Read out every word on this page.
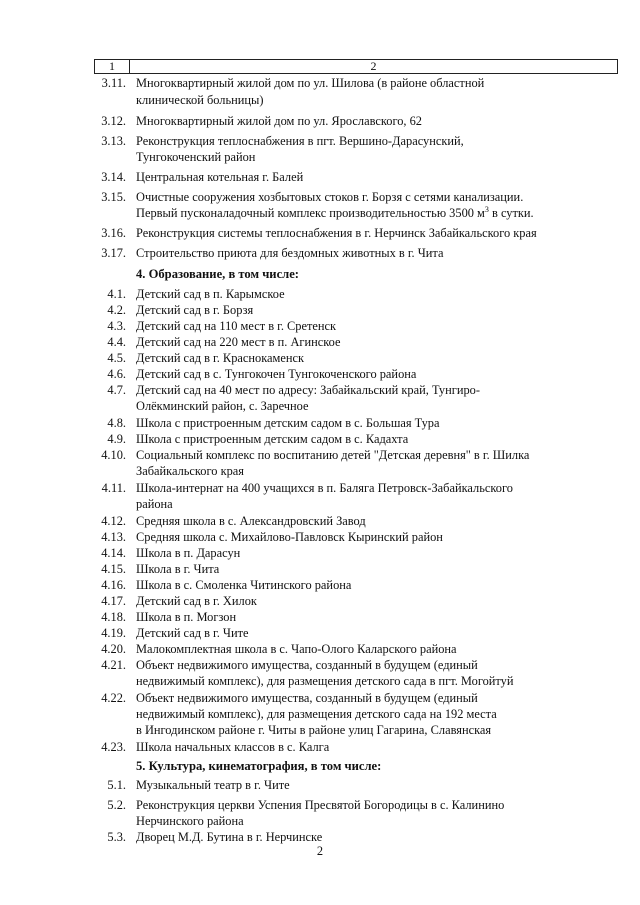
1	2
3.11. Многоквартирный жилой дом по ул. Шилова (в районе областной
клинической больницы)
3.12. Многоквартирный жилой дом по ул. Ярославского, 62
3.13. Реконструкция теплоснабжения в пгт. Вершино-Дарасунский,
Тунгокоченский район
3.14. Центральная котельная г. Балей
3.15. Очистные сооружения хозбытовых стоков г. Борзя с сетями канализации.
Первый пусконаладочный комплекс производительностью 3500 $м^3$ в сутки.
3.16. Реконструкция системы теплоснабжения в г. Нерчинск Забайкальского края
3.17. Строительство приюта для бездомных животных в г. Чита
4. Образование, в том числе:
4.1. Детский сад в п. Карымское
4.2. Детский сад в г. Борзя
4.3. Детский сад на 110 мест в г. Сретенск
4.4. Детский сад на 220 мест в п. Агинское
4.5. Детский сад в г. Краснокаменск
4.6. Детский сад в с. Тунгокочен Тунгокоченского района
4.7. Детский сад на 40 мест по адресу: Забайкальский край, Тунгиро-
Олёкминский район, с. Заречное
4.8. Школа с пристроенным детским садом в с. Большая Тура
4.9. Школа с пристроенным детским садом в с. Кадахта
4.10. Социальный комплекс по воспитанию детей "Детская деревня" в г. Шилка
Забайкальского края
4.11. Школа-интернат на 400 учащихся в п. Балягa Петровск-Забайкальского
района
4.12. Средняя школа в с. Александровский Завод
4.13. Средняя школа с. Михайлово-Павловск Кыринский район
4.14. Школа в п. Дарасун
4.15. Школа в г. Чита
4.16. Школа в с. Смоленка Читинского района
4.17. Детский сад в г. Хилок
4.18. Школа в п. Могзон
4.19. Детский сад в г. Чите
4.20. Малокомплектная школа в с. Чапо-Ологo Каларского района
4.21. Объект недвижимого имущества, созданный в будущем (единый
недвижимый комплекс), для размещения детского сада в пгт. Могойтуй
4.22. Объект недвижимого имущества, созданный в будущем (единый
недвижимый комплекс), для размещения детского сада на 192 места
в Ингодинском районе г. Читы в районе улиц Гагарина, Славянская
4.23. Школа начальных классов в с. Калга
5. Культура, кинематография, в том числе:
5.1. Музыкальный театр в г. Чите
5.2. Реконструкция церкви Успения Пресвятой Богородицы в с. Калинино
Нерчинского района
5.3. Дворец М.Д. Бутина в г. Нерчинске
2
